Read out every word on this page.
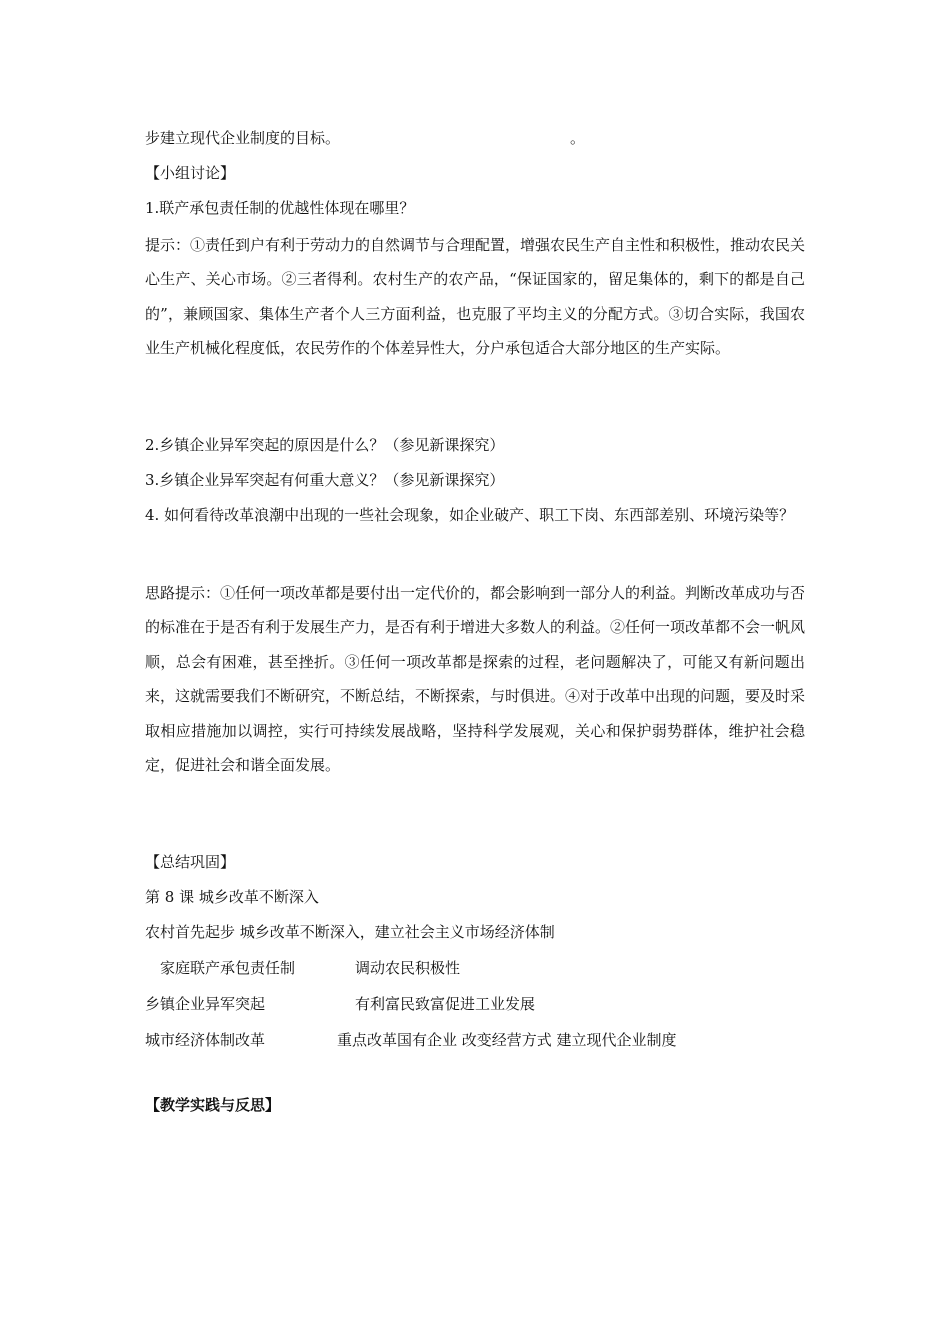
步建立现代企业制度的目标。	。
【小组讨论】
1.联产承包责任制的优越性体现在哪里？
提示：①责任到户有利于劳动力的自然调节与合理配置，增强农民生产自主性和积极性，推动农民关心生产、关心市场。②三者得利。农村生产的农产品，“保证国家的，留足集体的，剩下的都是自己的”，兼顾国家、集体生产者个人三方面利益，也克服了平均主义的分配方式。③切合实际，我国农业生产机械化程度低，农民劳作的个体差异性大，分户承包适合大部分地区的生产实际。
2.乡镇企业异军突起的原因是什么？（参见新课探究）
3.乡镇企业异军突起有何重大意义？（参见新课探究）
4. 如何看待改革浪潮中出现的一些社会现象，如企业破产、职工下岗、东西部差别、环境污染等？
思路提示：①任何一项改革都是要付出一定代价的，都会影响到一部分人的利益。判断改革成功与否的标准在于是否有利于发展生产力，是否有利于增进大多数人的利益。②任何一项改革都不会一帆风顺，总会有困难，甚至挫折。③任何一项改革都是探索的过程，老问题解决了，可能又有新问题出来，这就需要我们不断研究，不断总结，不断探索，与时俱进。④对于改革中出现的问题，要及时采取相应措施加以调控，实行可持续发展战略，坚持科学发展观，关心和保护弱势群体，维护社会稳定，促进社会和谐全面发展。
【总结巩固】
第 8 课 城乡改革不断深入
农村首先起步 城乡改革不断深入，建立社会主义市场经济体制
家庭联产承包责任制	调动农民积极性
乡镇企业异军突起	有利富民致富促进工业发展
城市经济体制改革	重点改革国有企业 改变经营方式 建立现代企业制度
【教学实践与反思】
